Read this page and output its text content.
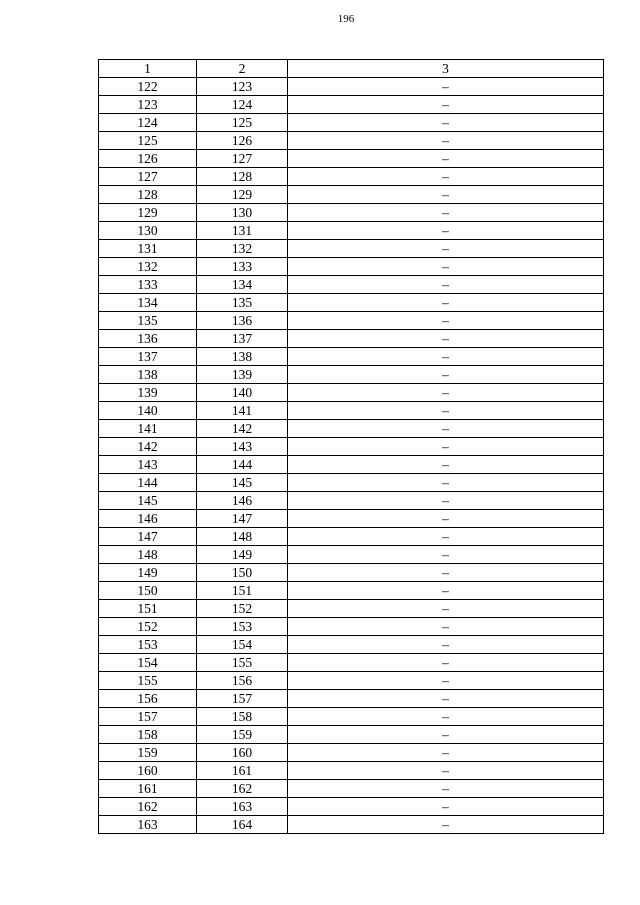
196
1	2	3
122	123	–
123	124	–
124	125	–
125	126	–
126	127	–
127	128	–
128	129	–
129	130	–
130	131	–
131	132	–
132	133	–
133	134	–
134	135	–
135	136	–
136	137	–
137	138	–
138	139	–
139	140	–
140	141	–
141	142	–
142	143	–
143	144	–
144	145	–
145	146	–
146	147	–
147	148	–
148	149	–
149	150	–
150	151	–
151	152	–
152	153	–
153	154	–
154	155	–
155	156	–
156	157	–
157	158	–
158	159	–
159	160	–
160	161	–
161	162	–
162	163	–
163	164	–
